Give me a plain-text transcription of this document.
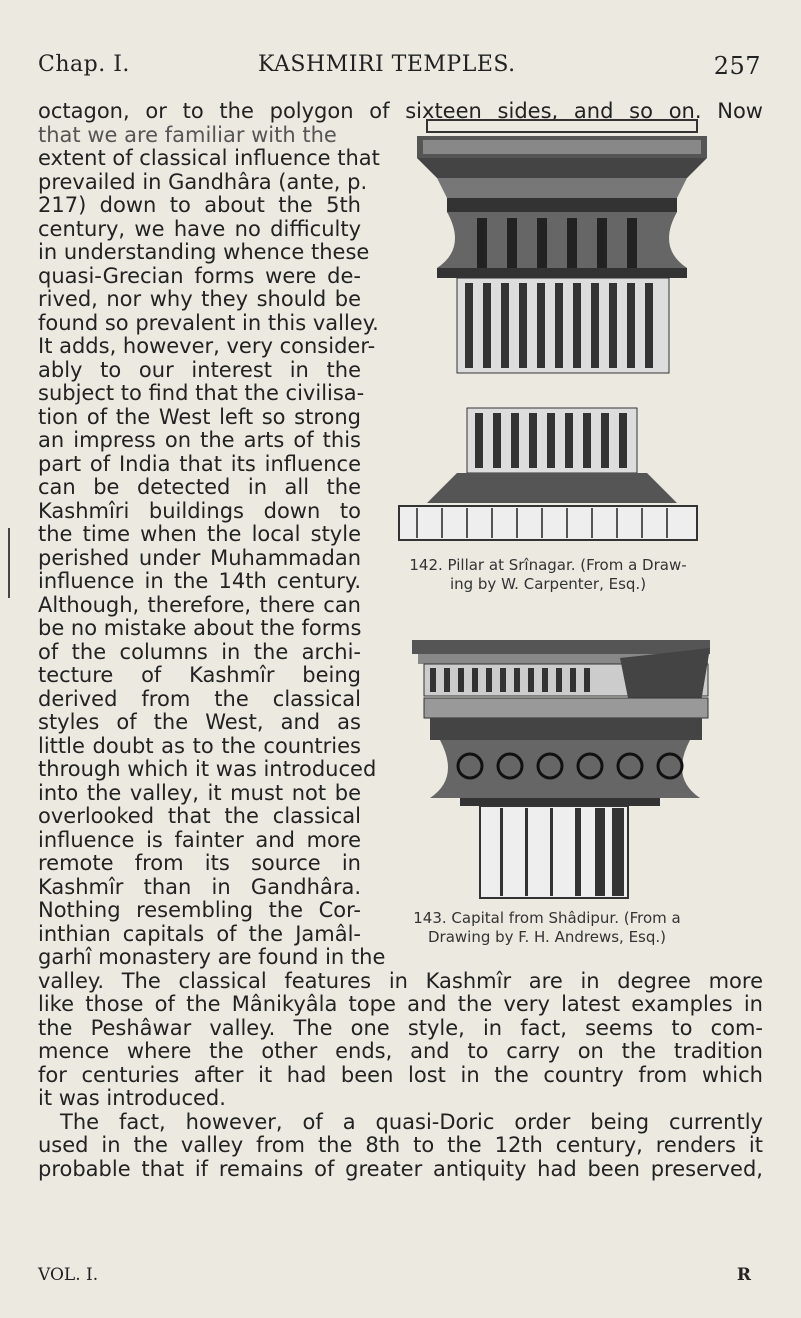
Chap. I.	KASHMIRI TEMPLES.	257
octagon, or to the polygon of sixteen sides, and so on. Now
that we are familiar with the
extent of classical influence that
prevailed in Gandhâra (ante, p.
217) down to about the 5th
century, we have no difficulty
in understanding whence these
quasi-Grecian forms were de-
rived, nor why they should be
found so prevalent in this valley.
It adds, however, very consider-
ably to our interest in the
subject to find that the civilisa-
tion of the West left so strong
an impress on the arts of this
part of India that its influence
can be detected in all the
Kashmîri buildings down to
the time when the local style
perished under Muhammadan
influence in the 14th century.
Although, therefore, there can
be no mistake about the forms
of the columns in the archi-
tecture of Kashmîr being
derived from the classical
styles of the West, and as
little doubt as to the countries
through which it was introduced
into the valley, it must not be
overlooked that the classical
influence is fainter and more
remote from its source in
Kashmîr than in Gandhâra.
Nothing resembling the Cor-
inthian capitals of the Jamâl-
garhî monastery are found in the
valley. The classical features in Kashmîr are in degree more
like those of the Mânikyâla tope and the very latest examples in
the Peshâwar valley. The one style, in fact, seems to com-
mence where the other ends, and to carry on the tradition
for centuries after it had been lost in the country from which
it was introduced.
The fact, however, of a quasi-Doric order being currently
used in the valley from the 8th to the 12th century, renders it
probable that if remains of greater antiquity had been preserved,
142. Pillar at Srînagar. (From a Draw-
ing by W. Carpenter, Esq.)
143. Capital from Shâdipur. (From a
Drawing by F. H. Andrews, Esq.)
VOL. I.	R
